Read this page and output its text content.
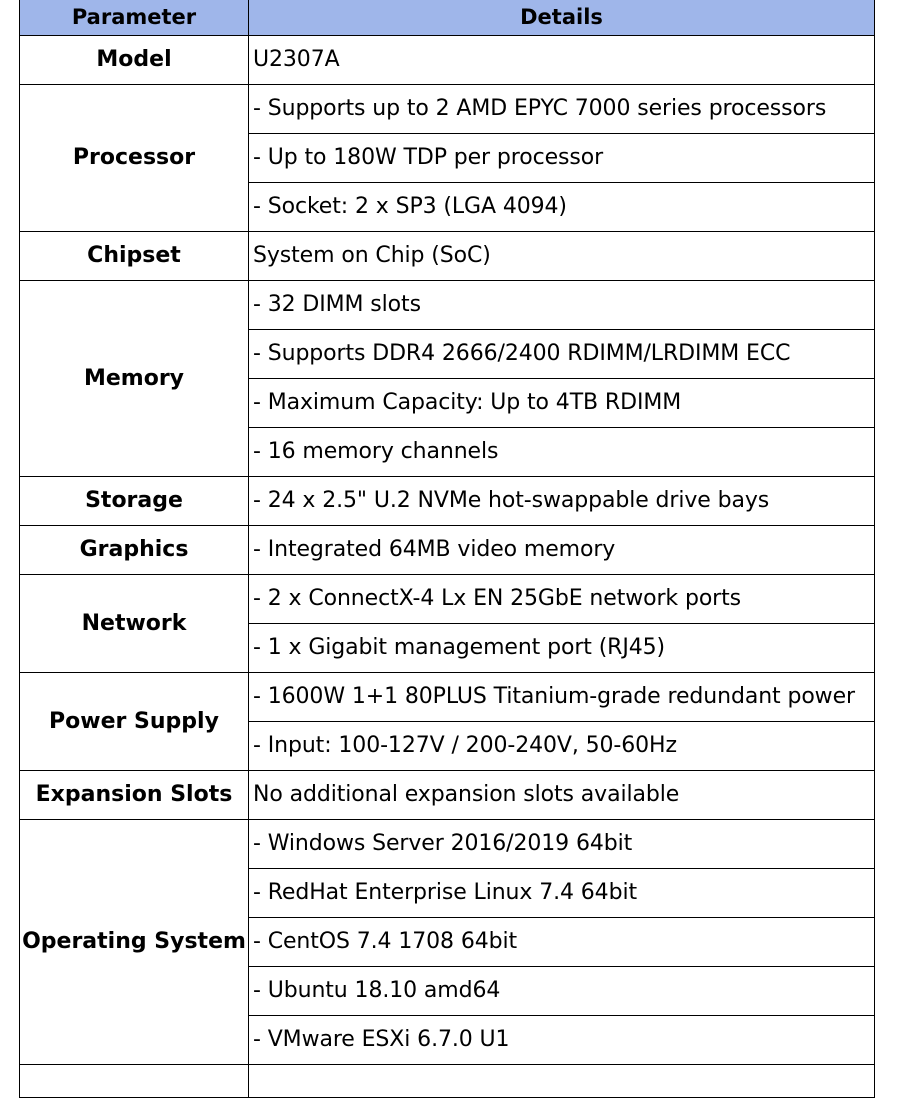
Parameter	Details
Model	U2307A
Processor	- Supports up to 2 AMD EPYC 7000 series processors
	- Up to 180W TDP per processor
	- Socket: 2 x SP3 (LGA 4094)
Chipset	System on Chip (SoC)
Memory	- 32 DIMM slots
	- Supports DDR4 2666/2400 RDIMM/LRDIMM ECC
	- Maximum Capacity: Up to 4TB RDIMM
	- 16 memory channels
Storage	- 24 x 2.5" U.2 NVMe hot-swappable drive bays
Graphics	- Integrated 64MB video memory
Network	- 2 x ConnectX-4 Lx EN 25GbE network ports
	- 1 x Gigabit management port (RJ45)
Power Supply	- 1600W 1+1 80PLUS Titanium-grade redundant power
	- Input: 100-127V / 200-240V, 50-60Hz
Expansion Slots	No additional expansion slots available
Operating System	- Windows Server 2016/2019 64bit
	- RedHat Enterprise Linux 7.4 64bit
	- CentOS 7.4 1708 64bit
	- Ubuntu 18.10 amd64
	- VMware ESXi 6.7.0 U1
